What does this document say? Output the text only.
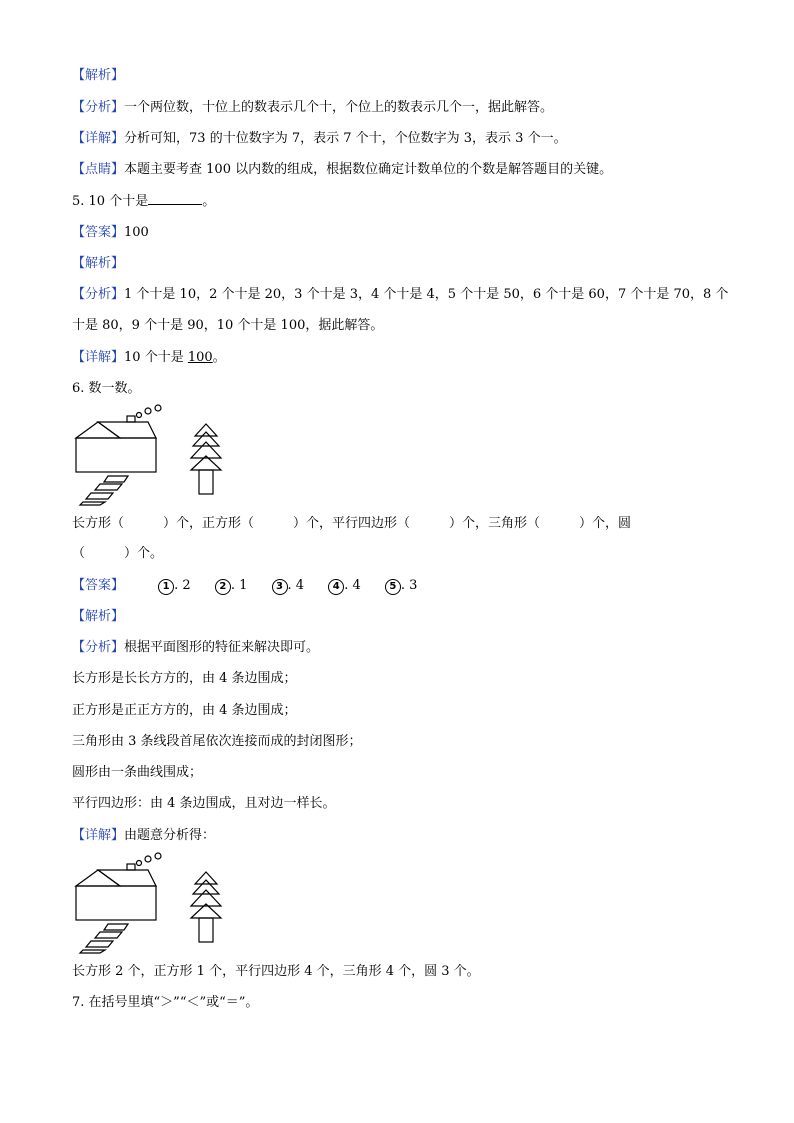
【解析】
【分析】一个两位数，十位上的数表示几个十，个位上的数表示几个一，据此解答。
【详解】分析可知，73 的十位数字为 7，表示 7 个十，个位数字为 3，表示 3 个一。
【点睛】本题主要考查 100 以内数的组成，根据数位确定计数单位的个数是解答题目的关键。
5. 10 个十是	。
【答案】100
【解析】
【分析】1 个十是 10，2 个十是 20，3 个十是 3，4 个十是 4，5 个十是 50，6 个十是 60，7 个十是 70，8 个
十是 80，9 个十是 90，10 个十是 100，据此解答。
【详解】10 个十是 100。
6. 数一数。
长方形（　　　）个，正方形（　　　）个，平行四边形（　　　）个，三角形（　　　）个，圆
（　　　）个。
【答案】	1 . 2	2 . 1	3 . 4	4 . 4	5 . 3
【解析】
【分析】根据平面图形的特征来解决即可。
长方形是长长方方的，由 4 条边围成；
正方形是正正方方的，由 4 条边围成；
三角形由 3 条线段首尾依次连接而成的封闭图形；
圆形由一条曲线围成；
平行四边形：由 4 条边围成，且对边一样长。
【详解】由题意分析得：
长方形 2 个，正方形 1 个，平行四边形 4 个，三角形 4 个，圆 3 个。
7. 在括号里填“＞”“＜”或“＝”。
